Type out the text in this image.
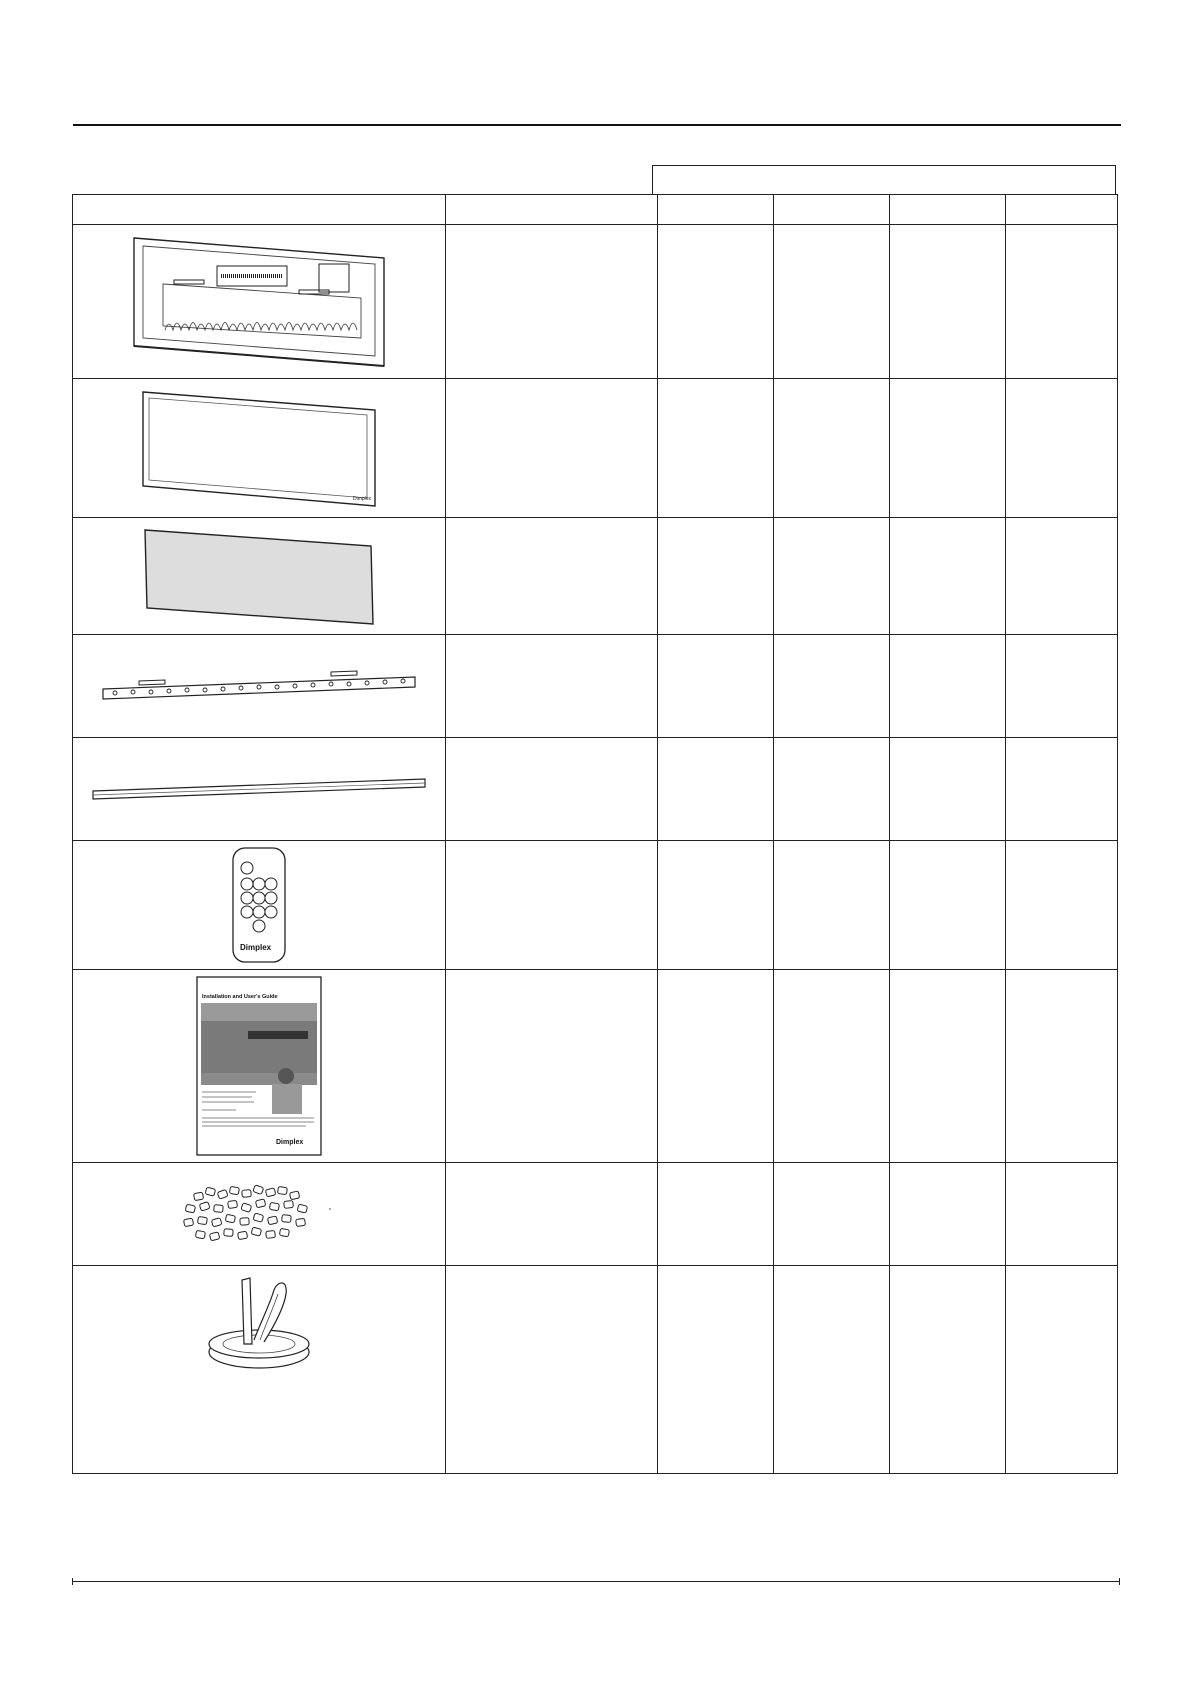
Dimplex					

Dimplex					

Installation and User's Guide
Dimplex					
